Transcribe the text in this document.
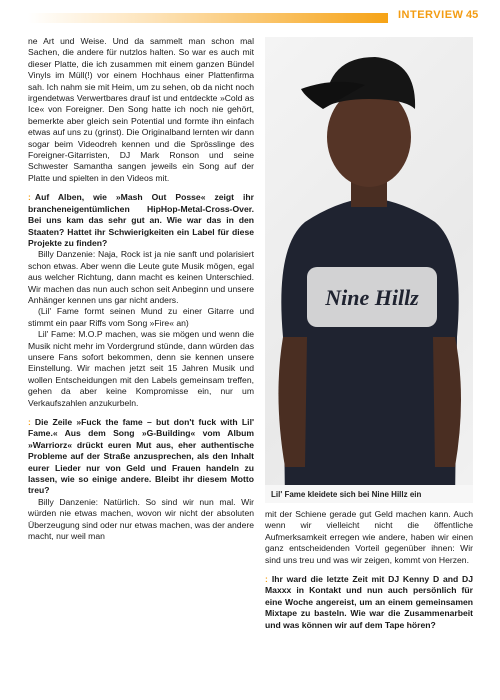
INTERVIEW 45

ne Art und Weise. Und da sammelt man schon mal Sachen, die andere für nutzlos halten. So war es auch mit dieser Platte, die ich zusammen mit einem ganzen Bündel Vinyls im Müll(!) vor einem Hochhaus einer Plattenfirma sah. Ich nahm sie mit Heim, um zu sehen, ob da nicht noch irgendetwas Verwertbares drauf ist und entdeckte »Cold as Ice« von Foreigner. Den Song hatte ich noch nie gehört, bemerkte aber gleich sein Potential und formte ihn einfach etwas auf uns zu (grinst). Die Originalband lernten wir dann sogar beim Videodreh kennen und die Sprösslinge des Foreigner-Gitarristen, DJ Mark Ronson und seine Schwester Samantha sangen jeweils ein Song auf der Platte und spielten in den Videos mit.

: Auf Alben, wie »Mash Out Posse« zeigt ihr brancheneigentümlichen HipHop-Metal-Cross-Over. Bei uns kam das sehr gut an. Wie war das in den Staaten? Hattet ihr Schwierigkeiten ein Label für diese Projekte zu finden?

Billy Danzenie: Naja, Rock ist ja nie sanft und polarisiert schon etwas. Aber wenn die Leute gute Musik mögen, egal aus welcher Richtung, dann macht es keinen Unterschied. Wir machen das nun auch schon seit Anbeginn und unsere Anhänger kennen uns gar nicht anders.

(Lil' Fame formt seinen Mund zu einer Gitarre und stimmt ein paar Riffs vom Song »Fire« an)

Lil' Fame: M.O.P machen, was sie mögen und wenn die Musik nicht mehr im Vordergrund stünde, dann würden das unsere Fans sofort bekommen, denn sie kennen unsere Einstellung. Wir machen jetzt seit 15 Jahren Musik und wollen Entscheidungen mit den Labels gemeinsam treffen, gehen da aber keine Kompromisse ein, nur um Verkaufszahlen anzukurbeln.

: Die Zeile »Fuck the fame – but don't fuck with Lil' Fame.« Aus dem Song »G-Building« vom Album »Warriorz« drückt euren Mut aus, eher authentische Probleme auf der Straße anzusprechen, als den Inhalt eurer Lieder nur von Geld und Frauen handeln zu lassen, wie so einige andere. Bleibt ihr diesem Motto treu?

Billy Danzenie: Natürlich. So sind wir nun mal. Wir würden nie etwas machen, wovon wir nicht der absoluten Überzeugung sind oder nur etwas machen, was der andere macht, nur weil man

Nine Hillz
Lil' Fame kleidete sich bei Nine Hillz ein

mit der Schiene gerade gut Geld machen kann. Auch wenn wir vielleicht nicht die öffentliche Aufmerksamkeit erregen wie andere, haben wir einen ganz entscheidenden Vorteil gegenüber ihnen: Wir sind uns treu und was wir zeigen, kommt von Herzen.

: Ihr ward die letzte Zeit mit DJ Kenny D and DJ Maxxx in Kontakt und nun auch persönlich für eine Woche angereist, um an einem gemeinsamen Mixtape zu basteln. Wie war die Zusammenarbeit und was können wir auf dem Tape hören?
